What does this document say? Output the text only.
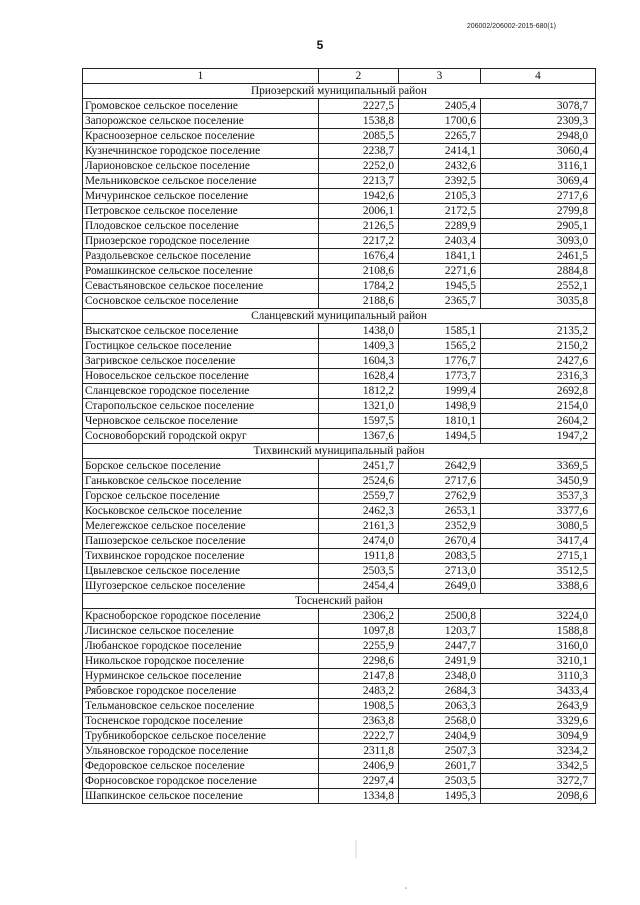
206002/206002-2015-680(1)
5
1	2	3	4
Приозерский муниципальный район			
Громовское сельское поселение	2227,5	2405,4	3078,7
Запорожское сельское поселение	1538,8	1700,6	2309,3
Красноозерное сельское поселение	2085,5	2265,7	2948,0
Кузнечнинское городское поселение	2238,7	2414,1	3060,4
Ларионовское сельское поселение	2252,0	2432,6	3116,1
Мельниковское сельское поселение	2213,7	2392,5	3069,4
Мичуринское сельское поселение	1942,6	2105,3	2717,6
Петровское сельское поселение	2006,1	2172,5	2799,8
Плодовское сельское поселение	2126,5	2289,9	2905,1
Приозерское городское поселение	2217,2	2403,4	3093,0
Раздольевское сельское поселение	1676,4	1841,1	2461,5
Ромашкинское сельское поселение	2108,6	2271,6	2884,8
Севастьяновское сельское поселение	1784,2	1945,5	2552,1
Сосновское сельское поселение	2188,6	2365,7	3035,8
Сланцевский муниципальный район			
Выскатское сельское поселение	1438,0	1585,1	2135,2
Гостицкое сельское поселение	1409,3	1565,2	2150,2
Загривское сельское поселение	1604,3	1776,7	2427,6
Новосельское сельское поселение	1628,4	1773,7	2316,3
Сланцевское городское поселение	1812,2	1999,4	2692,8
Старопольское сельское поселение	1321,0	1498,9	2154,0
Черновское сельское поселение	1597,5	1810,1	2604,2
Сосновоборский городской округ	1367,6	1494,5	1947,2
Тихвинский муниципальный район			
Борское сельское поселение	2451,7	2642,9	3369,5
Ганьковское сельское поселение	2524,6	2717,6	3450,9
Горское сельское поселение	2559,7	2762,9	3537,3
Коськовское сельское поселение	2462,3	2653,1	3377,6
Мелегежское сельское поселение	2161,3	2352,9	3080,5
Пашозерское сельское поселение	2474,0	2670,4	3417,4
Тихвинское городское поселение	1911,8	2083,5	2715,1
Цвылевское сельское поселение	2503,5	2713,0	3512,5
Шугозерское сельское поселение	2454,4	2649,0	3388,6
Тосненский район			
Красноборское городское поселение	2306,2	2500,8	3224,0
Лисинское сельское поселение	1097,8	1203,7	1588,8
Любанское городское поселение	2255,9	2447,7	3160,0
Никольское городское поселение	2298,6	2491,9	3210,1
Нурминское сельское поселение	2147,8	2348,0	3110,3
Рябовское городское поселение	2483,2	2684,3	3433,4
Тельмановское сельское поселение	1908,5	2063,3	2643,9
Тосненское городское поселение	2363,8	2568,0	3329,6
Трубникоборское сельское поселение	2222,7	2404,9	3094,9
Ульяновское городское поселение	2311,8	2507,3	3234,2
Федоровское сельское поселение	2406,9	2601,7	3342,5
Форносовское городское поселение	2297,4	2503,5	3272,7
Шапкинское сельское поселение	1334,8	1495,3	2098,6
